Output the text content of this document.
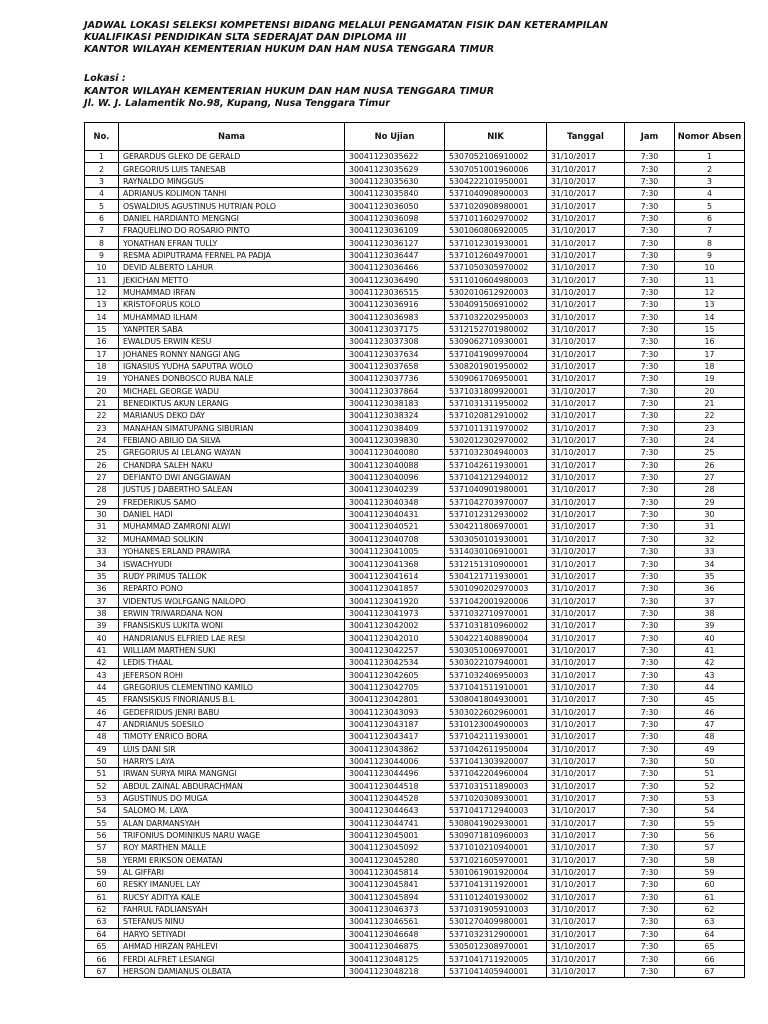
JADWAL LOKASI SELEKSI KOMPETENSI BIDANG MELALUI PENGAMATAN FISIK DAN KETERAMPILAN
KUALIFIKASI PENDIDIKAN SLTA SEDERAJAT DAN DIPLOMA III
KANTOR WILAYAH KEMENTERIAN HUKUM DAN HAM NUSA TENGGARA TIMUR
Lokasi :
KANTOR WILAYAH KEMENTERIAN HUKUM DAN HAM NUSA TENGGARA TIMUR
Jl. W. J. Lalamentik No.98, Kupang, Nusa Tenggara Timur
No.	Nama	No Ujian	NIK	Tanggal	Jam	Nomor Absen
1	GERARDUS GLEKO DE GERALD	30041123035622	5307052106910002	31/10/2017	7:30	1
2	GREGORIUS LUIS TANESAB	30041123035629	5307051001960006	31/10/2017	7:30	2
3	RAYNALDO MINGGUS	30041123035630	5304222101950001	31/10/2017	7:30	3
4	ADRIANUS KOLIMON TANHI	30041123035840	5371040908900003	31/10/2017	7:30	4
5	OSWALDIUS AGUSTINUS HUTRIAN POLO	30041123036050	5371020908980001	31/10/2017	7:30	5
6	DANIEL HARDIANTO MENGNGI	30041123036098	5371011602970002	31/10/2017	7:30	6
7	FRAQUELINO DO ROSARIO PINTO	30041123036109	5301060806920005	31/10/2017	7:30	7
8	YONATHAN EFRAN TULLY	30041123036127	5371012301930001	31/10/2017	7:30	8
9	RESMA ADIPUTRAMA FERNEL PA PADJA	30041123036447	5371012604970001	31/10/2017	7:30	9
10	DEVID ALBERTO LAHUR	30041123036466	5371050305970002	31/10/2017	7:30	10
11	JEKICHAN METTO	30041123036490	5311010604980003	31/10/2017	7:30	11
12	MUHAMMAD IRFAN	30041123036515	5302010612920003	31/10/2017	7:30	12
13	KRISTOFORUS KOLO	30041123036916	5304091506910002	31/10/2017	7:30	13
14	MUHAMMAD ILHAM	30041123036983	5371032202950003	31/10/2017	7:30	14
15	YANPITER SABA	30041123037175	5312152701980002	31/10/2017	7:30	15
16	EWALDUS ERWIN KESU	30041123037308	5309062710930001	31/10/2017	7:30	16
17	JOHANES RONNY NANGGI ANG	30041123037634	5371041909970004	31/10/2017	7:30	17
18	IGNASIUS YUDHA SAPUTRA WOLO	30041123037658	5308201901950002	31/10/2017	7:30	18
19	YOHANES DONBOSCO RUBA NALE	30041123037736	5309061706950001	31/10/2017	7:30	19
20	MICHAEL GEORGE WADU	30041123037864	5371031809920001	31/10/2017	7:30	20
21	BENEDIKTUS AKUN LERANG	30041123038183	5371031311950002	31/10/2017	7:30	21
22	MARIANUS DEKO DAY	30041123038324	5371020812910002	31/10/2017	7:30	22
23	MANAHAN SIMATUPANG SIBURIAN	30041123038409	5371011311970002	31/10/2017	7:30	23
24	FEBIANO ABILIO DA SILVA	30041123039830	5302012302970002	31/10/2017	7:30	24
25	GREGORIUS AI LELANG WAYAN	30041123040080	5371032304940003	31/10/2017	7:30	25
26	CHANDRA SALEH NAKU	30041123040088	5371042611930001	31/10/2017	7:30	26
27	DEFIANTO DWI ANGGIAWAN	30041123040096	5371041212940012	31/10/2017	7:30	27
28	JUSTUS J DABERTHO SALEAN	30041123040239	5371040901980001	31/10/2017	7:30	28
29	FREDERIKUS SAMO	30041123040348	5371042703970007	31/10/2017	7:30	29
30	DANIEL HADI	30041123040431	5371012312930002	31/10/2017	7:30	30
31	MUHAMMAD ZAMRONI ALWI	30041123040521	5304211806970001	31/10/2017	7:30	31
32	MUHAMMAD SOLIKIN	30041123040708	5303050101930001	31/10/2017	7:30	32
33	YOHANES ERLAND PRAWIRA	30041123041005	5314030106910001	31/10/2017	7:30	33
34	ISWACHYUDI	30041123041368	5312151310900001	31/10/2017	7:30	34
35	RUDY PRIMUS TALLOK	30041123041614	5304121711930001	31/10/2017	7:30	35
36	REPARTO PONO	30041123041857	5301090202970003	31/10/2017	7:30	36
37	VIDENTUS WOLFGANG NAILOPO	30041123041920	5371042001920006	31/10/2017	7:30	37
38	ERWIN TRIWARDANA NON	30041123041973	5371032710970001	31/10/2017	7:30	38
39	FRANSISKUS LUKITA WONI	30041123042002	5371031810960002	31/10/2017	7:30	39
40	HANDRIANUS ELFRIED LAE RESI	30041123042010	5304221408890004	31/10/2017	7:30	40
41	WILLIAM MARTHEN SUKI	30041123042257	5303051006970001	31/10/2017	7:30	41
42	LEDIS THAAL	30041123042534	5303022107940001	31/10/2017	7:30	42
43	JEFERSON ROHI	30041123042605	5371032406950003	31/10/2017	7:30	43
44	GREGORIUS CLEMENTINO KAMILO	30041123042705	5371041511910001	31/10/2017	7:30	44
45	FRANSISKUS FINORIANUS B.L	30041123042801	5308041804930001	31/10/2017	7:30	45
46	GEDEFRIDUS JENRI BABU	30041123043093	5303022602960001	31/10/2017	7:30	46
47	ANDRIANUS SOESILO	30041123043187	5310123004900003	31/10/2017	7:30	47
48	TIMOTY ENRICO BORA	30041123043417	5371042111930001	31/10/2017	7:30	48
49	LUIS DANI SIR	30041123043862	5371042611950004	31/10/2017	7:30	49
50	HARRYS LAYA	30041123044006	5371041303920007	31/10/2017	7:30	50
51	IRWAN SURYA MIRA MANGNGI	30041123044496	5371042204960004	31/10/2017	7:30	51
52	ABDUL ZAINAL ABDURACHMAN	30041123044518	5371031511890003	31/10/2017	7:30	52
53	AGUSTINUS DO MUGA	30041123044528	5371020308930001	31/10/2017	7:30	53
54	SALOMO M. LAYA	30041123044643	5371041712940003	31/10/2017	7:30	54
55	ALAN DARMANSYAH	30041123044741	5308041902930001	31/10/2017	7:30	55
56	TRIFONIUS DOMINIKUS NARU WAGE	30041123045001	5309071810960003	31/10/2017	7:30	56
57	ROY MARTHEN MALLE	30041123045092	5371010210940001	31/10/2017	7:30	57
58	YERMI ERIKSON OEMATAN	30041123045280	5371021605970001	31/10/2017	7:30	58
59	AL GIFFARI	30041123045814	5301061901920004	31/10/2017	7:30	59
60	RESKY IMANUEL LAY	30041123045841	5371041311920001	31/10/2017	7:30	60
61	RUCSY ADITYA KALE	30041123045894	5311012401930002	31/10/2017	7:30	61
62	FAHRUL FADLIANSYAH	30041123046373	5371031905910003	31/10/2017	7:30	62
63	STEFANUS NINU	30041123046561	5301270409980001	31/10/2017	7:30	63
64	HARYO SETIYADI	30041123046648	5371032312900001	31/10/2017	7:30	64
65	AHMAD HIRZAN PAHLEVI	30041123046875	5305012308970001	31/10/2017	7:30	65
66	FERDI ALFRET LESIANGI	30041123048125	5371041711920005	31/10/2017	7:30	66
67	HERSON DAMIANUS OLBATA	30041123048218	5371041405940001	31/10/2017	7:30	67
